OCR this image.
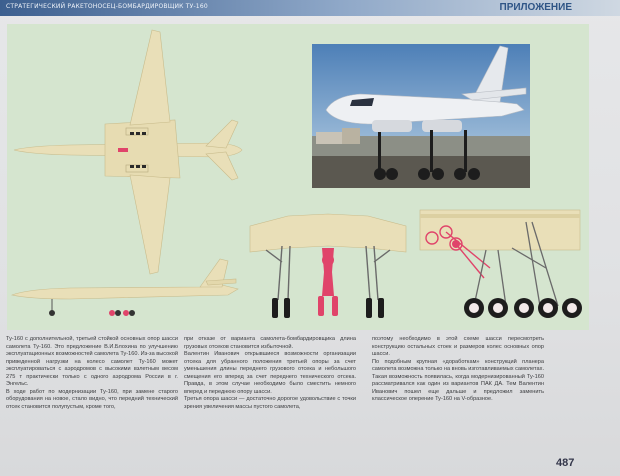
СТРАТЕГИЧЕСКИЙ РАКЕТОНОСЕЦ-БОМБАРДИРОВЩИК ТУ-160	ПРИЛОЖЕНИЕ

Ту-160 с дополнительной, третьей стойкой основных опор шасси самолета Ту-160. Это предложение В.И.Блохина по улучшению эксплуатационных возможностей самолета Ту-160. Из-за высокой приведенной нагрузки на колесо самолет Ту-160 может эксплуатироваться с аэродромов с высокими взлетным весом 275 т практически только с одного аэродрома России в г. Энгельс.

В ходе работ по модернизации Ту-160, при замене старого оборудования на новое, стало видно, что передний технический отсек становится полупустым, кроме того,

при отказе от варианта самолета-бомбардировщика длина грузовых отсеков становится избыточной.

Валентин Иванович открывшиеся возможности организации отсека для убранного положения третьей опоры за счет уменьшения длины переднего грузового отсека и небольшого смещения его вперед за счет переднего технического отсека. Правда, в этом случае необходимо было сместить немного вперед и переднюю опору шасси.

Третья опора шасси — достаточно дорогое удовольствие с точки зрения увеличения массы пустого самолета,

поэтому необходимо в этой схеме шасси пересмотреть конструкцию остальных стоек и размеров колес основных опор шасси.

По подобным крупная «доработкам» конструкций планера самолета возможна только на вновь изготавливаемых самолетах. Такая возможность появилась, когда модернизированный Ту-160 рассматривался как один из вариантов ПАК ДА. Тем Валентин Иванович пошел еще дальше и предложил заменить классическое оперение Ту-160 на V-образное.

487
